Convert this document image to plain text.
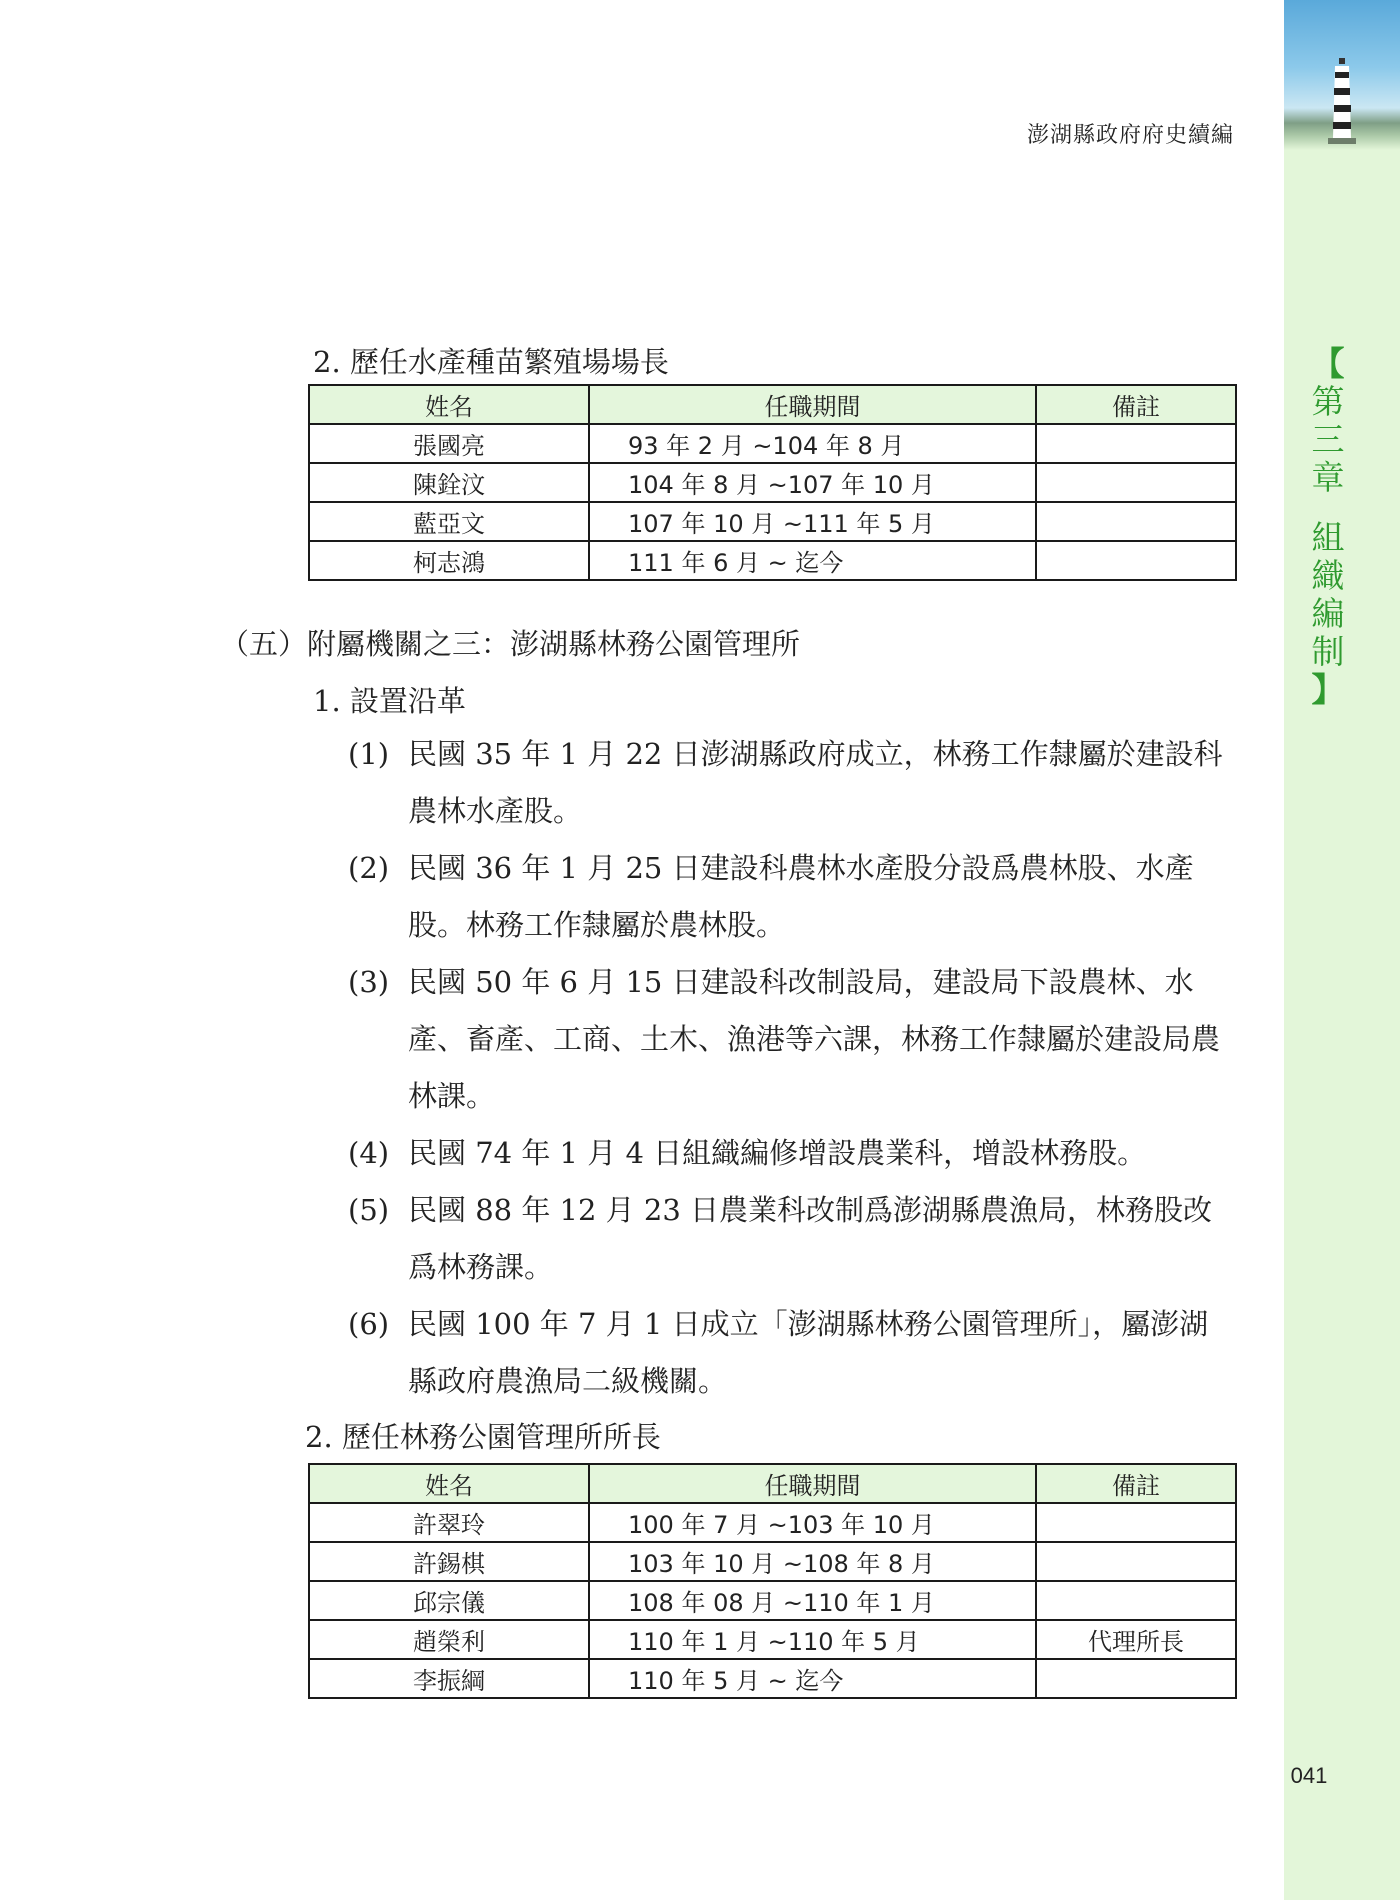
【
第
三
章
組
織
編
制
】
澎湖縣政府府史續編
2. 歷任水產種苗繁殖場場長
姓名	任職期間	備註
張國亮	93 年 2 月 ~104 年 8 月	
陳銓汶	104 年 8 月 ~107 年 10 月	
藍亞文	107 年 10 月 ~111 年 5 月	
柯志鴻	111 年 6 月 ~ 迄今	
（五）附屬機關之三：澎湖縣林務公園管理所
1. 設置沿革
(1) 民國 35 年 1 月 22 日澎湖縣政府成立，林務工作隸屬於建設科農林水產股。
(2) 民國 36 年 1 月 25 日建設科農林水產股分設爲農林股、水產股。林務工作隸屬於農林股。
(3) 民國 50 年 6 月 15 日建設科改制設局，建設局下設農林、水產、畜產、工商、土木、漁港等六課，林務工作隸屬於建設局農林課。
(4) 民國 74 年 1 月 4 日組織編修增設農業科，增設林務股。
(5) 民國 88 年 12 月 23 日農業科改制爲澎湖縣農漁局，林務股改爲林務課。
(6) 民國 100 年 7 月 1 日成立「澎湖縣林務公園管理所」，屬澎湖縣政府農漁局二級機關。
2. 歷任林務公園管理所所長
姓名	任職期間	備註
許翠玲	100 年 7 月 ~103 年 10 月	
許錫棋	103 年 10 月 ~108 年 8 月	
邱宗儀	108 年 08 月 ~110 年 1 月	
趙榮利	110 年 1 月 ~110 年 5 月	代理所長
李振綱	110 年 5 月 ~ 迄今	
041
